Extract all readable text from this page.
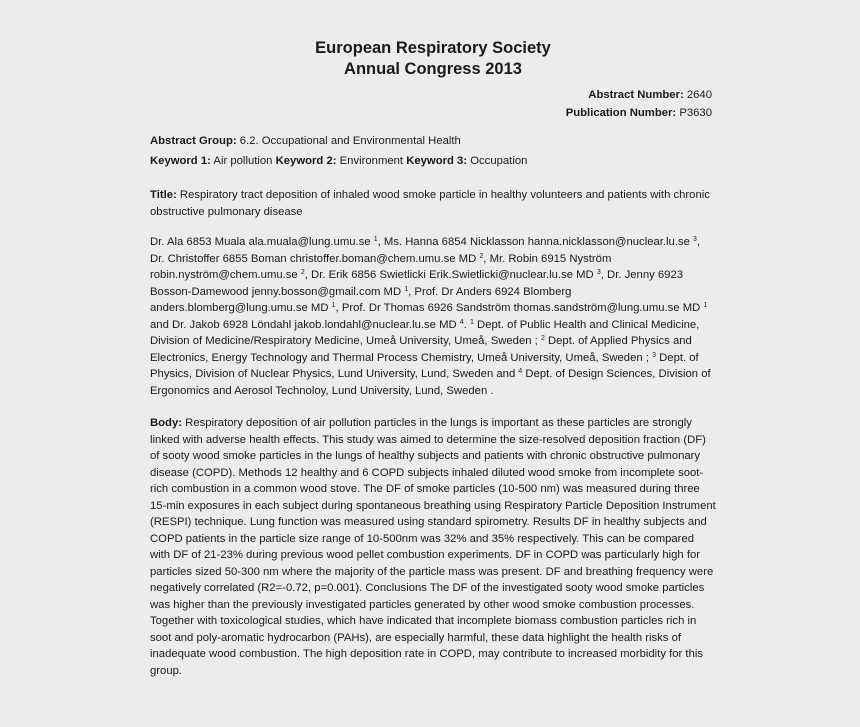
European Respiratory Society
Annual Congress 2013
Abstract Number: 2640
Publication Number: P3630
Abstract Group: 6.2. Occupational and Environmental Health
Keyword 1: Air pollution Keyword 2: Environment Keyword 3: Occupation

Title: Respiratory tract deposition of inhaled wood smoke particle in healthy volunteers and patients with chronic obstructive pulmonary disease

Dr. Ala 6853 Muala ala.muala@lung.umu.se $^1$, Ms. Hanna 6854 Nicklasson hanna.nicklasson@nuclear.lu.se $^3$, Dr. Christoffer 6855 Boman christoffer.boman@chem.umu.se MD $^2$, Mr. Robin 6915 Nyström robin.nyström@chem.umu.se $^2$, Dr. Erik 6856 Swietlicki Erik.Swietlicki@nuclear.lu.se MD $^3$, Dr. Jenny 6923 Bosson-Damewood jenny.bosson@gmail.com MD $^1$, Prof. Dr Anders 6924 Blomberg anders.blomberg@lung.umu.se MD $^1$, Prof. Dr Thomas 6926 Sandström thomas.sandström@lung.umu.se MD $^1$ and Dr. Jakob 6928 Löndahl jakob.londahl@nuclear.lu.se MD $^4$. $^1$ Dept. of Public Health and Clinical Medicine, Division of Medicine/Respiratory Medicine, Umeå University, Umeå, Sweden ; $^2$ Dept. of Applied Physics and Electronics, Energy Technology and Thermal Process Chemistry, Umeå University, Umeå, Sweden ; $^3$ Dept. of Physics, Division of Nuclear Physics, Lund University, Lund, Sweden and $^4$ Dept. of Design Sciences, Division of Ergonomics and Aerosol Technoloy, Lund University, Lund, Sweden .

Body: Respiratory deposition of air pollution particles in the lungs is important as these particles are strongly linked with adverse health effects. This study was aimed to determine the size-resolved deposition fraction (DF) of sooty wood smoke particles in the lungs of healthy subjects and patients with chronic obstructive pulmonary disease (COPD). Methods 12 healthy and 6 COPD subjects inhaled diluted wood smoke from incomplete soot-rich combustion in a common wood stove. The DF of smoke particles (10-500 nm) was measured during three 15-min exposures in each subject during spontaneous breathing using Respiratory Particle Deposition Instrument (RESPI) technique. Lung function was measured using standard spirometry. Results DF in healthy subjects and COPD patients in the particle size range of 10-500nm was 32% and 35% respectively. This can be compared with DF of 21-23% during previous wood pellet combustion experiments. DF in COPD was particularly high for particles sized 50-300 nm where the majority of the particle mass was present. DF and breathing frequency were negatively correlated (R2=-0.72, p=0.001). Conclusions The DF of the investigated sooty wood smoke particles was higher than the previously investigated particles generated by other wood smoke combustion processes. Together with toxicological studies, which have indicated that incomplete biomass combustion particles rich in soot and poly-aromatic hydrocarbon (PAHs), are especially harmful, these data highlight the health risks of inadequate wood combustion. The high deposition rate in COPD, may contribute to increased morbidity for this group.
